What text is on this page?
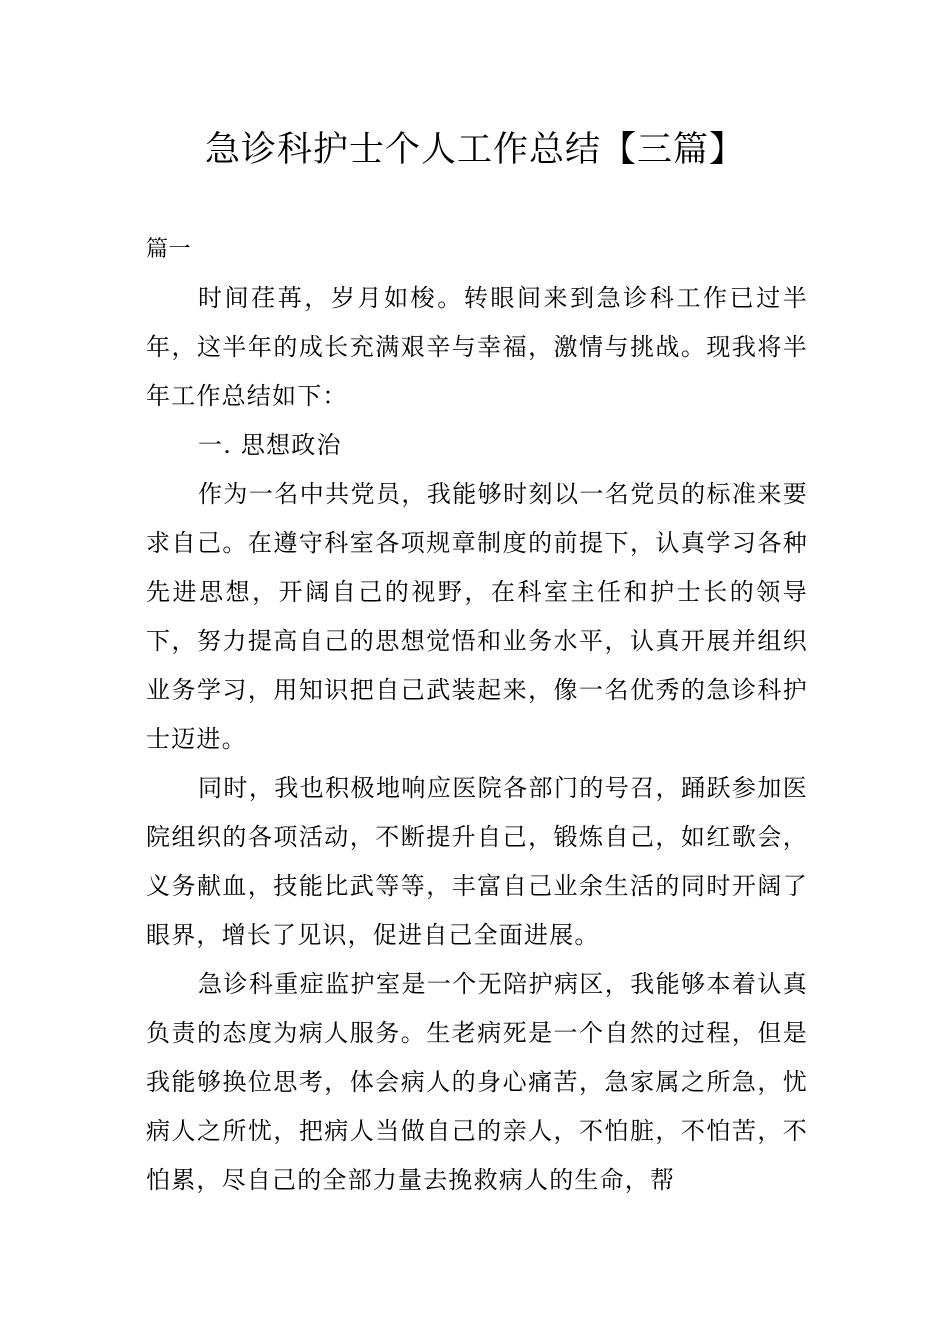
急诊科护士个人工作总结【三篇】

篇一

时间荏苒，岁月如梭。转眼间来到急诊科工作已过半年，这半年的成长充满艰辛与幸福，激情与挑战。现我将半年工作总结如下：

一. 思想政治

作为一名中共党员，我能够时刻以一名党员的标准来要求自己。在遵守科室各项规章制度的前提下，认真学习各种先进思想，开阔自己的视野，在科室主任和护士长的领导下，努力提高自己的思想觉悟和业务水平，认真开展并组织业务学习，用知识把自己武装起来，像一名优秀的急诊科护士迈进。

同时，我也积极地响应医院各部门的号召，踊跃参加医院组织的各项活动，不断提升自己，锻炼自己，如红歌会，义务献血，技能比武等等，丰富自己业余生活的同时开阔了眼界，增长了见识，促进自己全面进展。

急诊科重症监护室是一个无陪护病区，我能够本着认真负责的态度为病人服务。生老病死是一个自然的过程，但是我能够换位思考，体会病人的身心痛苦，急家属之所急，忧病人之所忧，把病人当做自己的亲人，不怕脏，不怕苦，不怕累，尽自己的全部力量去挽救病人的生命，帮
